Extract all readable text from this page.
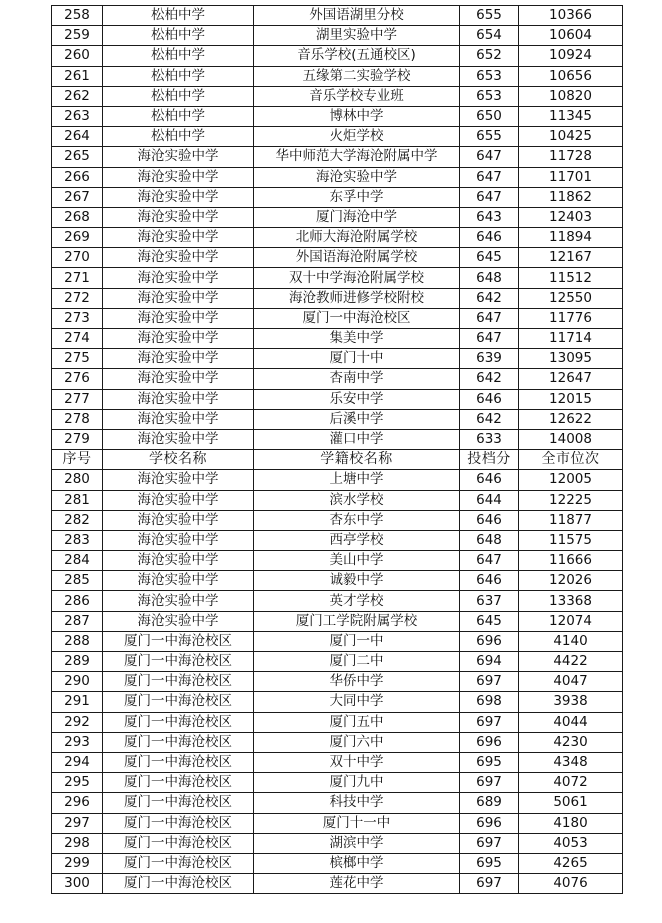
258	松柏中学	外国语湖里分校	655	10366
259	松柏中学	湖里实验中学	654	10604
260	松柏中学	音乐学校(五通校区)	652	10924
261	松柏中学	五缘第二实验学校	653	10656
262	松柏中学	音乐学校专业班	653	10820
263	松柏中学	博林中学	650	11345
264	松柏中学	火炬学校	655	10425
265	海沧实验中学	华中师范大学海沧附属中学	647	11728
266	海沧实验中学	海沧实验中学	647	11701
267	海沧实验中学	东孚中学	647	11862
268	海沧实验中学	厦门海沧中学	643	12403
269	海沧实验中学	北师大海沧附属学校	646	11894
270	海沧实验中学	外国语海沧附属学校	645	12167
271	海沧实验中学	双十中学海沧附属学校	648	11512
272	海沧实验中学	海沧教师进修学校附校	642	12550
273	海沧实验中学	厦门一中海沧校区	647	11776
274	海沧实验中学	集美中学	647	11714
275	海沧实验中学	厦门十中	639	13095
276	海沧实验中学	杏南中学	642	12647
277	海沧实验中学	乐安中学	646	12015
278	海沧实验中学	后溪中学	642	12622
279	海沧实验中学	灌口中学	633	14008
序号	学校名称	学籍校名称	投档分	全市位次
280	海沧实验中学	上塘中学	646	12005
281	海沧实验中学	滨水学校	644	12225
282	海沧实验中学	杏东中学	646	11877
283	海沧实验中学	西亭学校	648	11575
284	海沧实验中学	美山中学	647	11666
285	海沧实验中学	诚毅中学	646	12026
286	海沧实验中学	英才学校	637	13368
287	海沧实验中学	厦门工学院附属学校	645	12074
288	厦门一中海沧校区	厦门一中	696	4140
289	厦门一中海沧校区	厦门二中	694	4422
290	厦门一中海沧校区	华侨中学	697	4047
291	厦门一中海沧校区	大同中学	698	3938
292	厦门一中海沧校区	厦门五中	697	4044
293	厦门一中海沧校区	厦门六中	696	4230
294	厦门一中海沧校区	双十中学	695	4348
295	厦门一中海沧校区	厦门九中	697	4072
296	厦门一中海沧校区	科技中学	689	5061
297	厦门一中海沧校区	厦门十一中	696	4180
298	厦门一中海沧校区	湖滨中学	697	4053
299	厦门一中海沧校区	槟榔中学	695	4265
300	厦门一中海沧校区	莲花中学	697	4076
